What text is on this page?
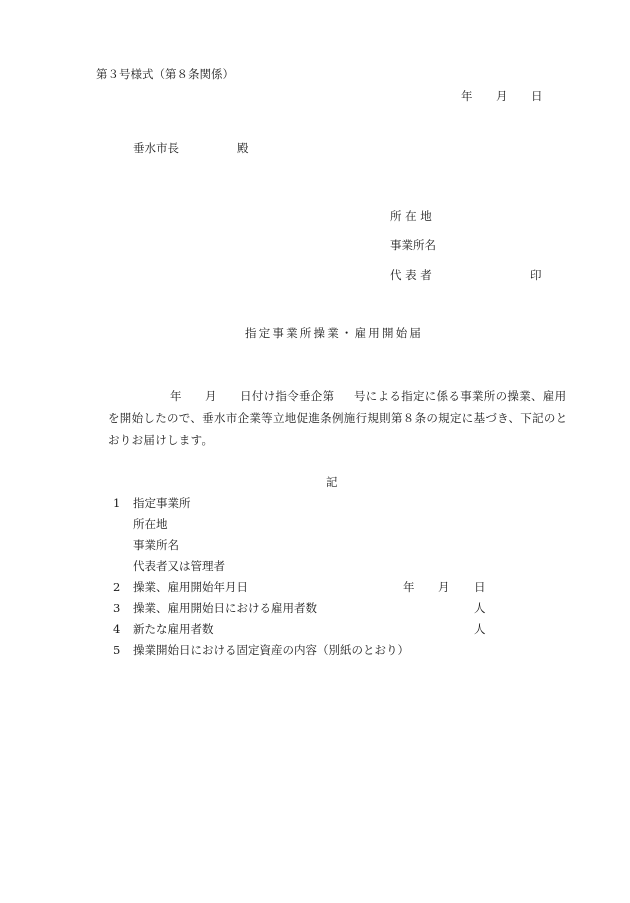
第３号様式（第８条関係）
年 月 日
垂水市長	殿
所 在 地
事業所名
代 表 者	印
指定事業所操業・雇用開始届
年 月 日付け指令垂企第 号による指定に係る事業所の操業、雇用
を開始したので、垂水市企業等立地促進条例施行規則第８条の規定に基づき、下記のと
おりお届けします。
記
1 指定事業所
所在地
事業所名
代表者又は管理者
2 操業、雇用開始年月日	年 月 日
3 操業、雇用開始日における雇用者数	人
4 新たな雇用者数	人
5 操業開始日における固定資産の内容（別紙のとおり）
